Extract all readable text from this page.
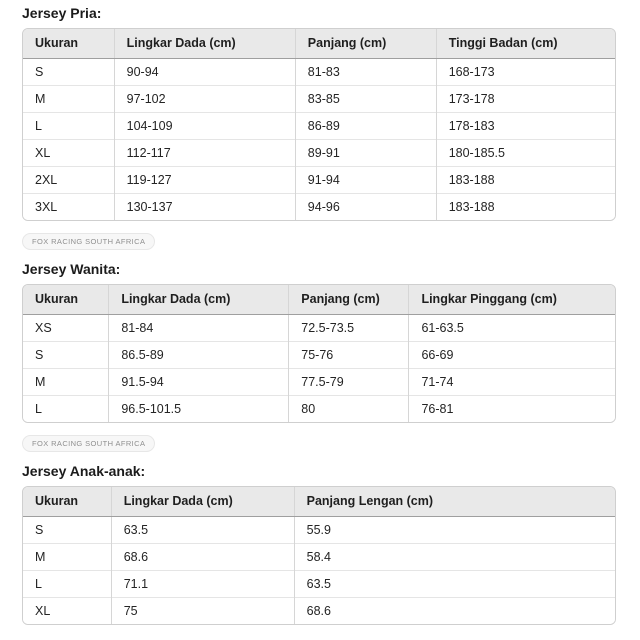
Jersey Pria:
Ukuran	Lingkar Dada (cm)	Panjang (cm)	Tinggi Badan (cm)
S	90-94	81-83	168-173
M	97-102	83-85	173-178
L	104-109	86-89	178-183
XL	112-117	89-91	180-185.5
2XL	119-127	91-94	183-188
3XL	130-137	94-96	183-188
FOX RACING SOUTH AFRICA
Jersey Wanita:
Ukuran	Lingkar Dada (cm)	Panjang (cm)	Lingkar Pinggang (cm)
XS	81-84	72.5-73.5	61-63.5
S	86.5-89	75-76	66-69
M	91.5-94	77.5-79	71-74
L	96.5-101.5	80	76-81
FOX RACING SOUTH AFRICA
Jersey Anak-anak:
Ukuran	Lingkar Dada (cm)	Panjang Lengan (cm)
S	63.5	55.9
M	68.6	58.4
L	71.1	63.5
XL	75	68.6
